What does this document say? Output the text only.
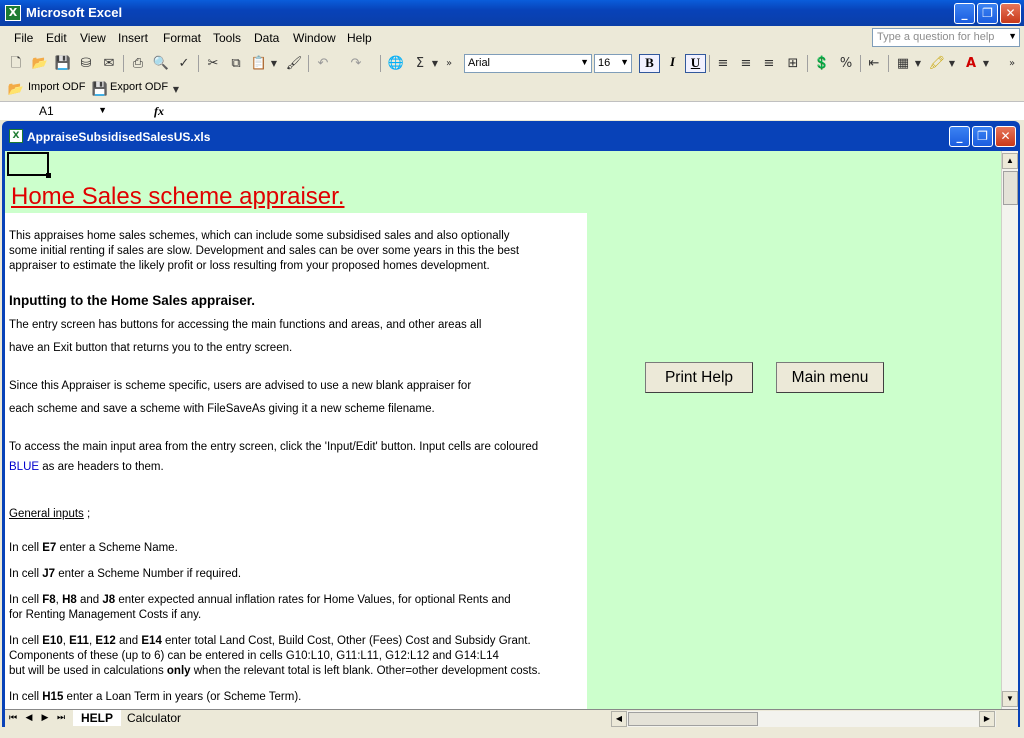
X Microsoft Excel	_	❐	✕
File Edit View Insert Format Tools Data Window Help	Type a question for help ▼
🗋 📂 💾 ⛁ ✉	⎙ 🔍 ✓	✂ ⧉ 📋 ▼ 🖌	↶	↷	🌐 Σ ▼ »	Arial	▼ 16 ▼	B	I	U	≡ ≡ ≡	⊞	💲 %	⇤	▦ ▼ 🖍 ▼ A ▼	»
📂 Import ODF 💾 Export ODF ▼
A1	▼	fx
X AppraiseSubsidisedSalesUS.xls	_	❐	✕
Home Sales scheme appraiser.
This appraises home sales schemes, which can include some subsidised sales and also optionally
some initial renting if sales are slow. Development and sales can be over some years in this the best
appraiser to estimate the likely profit or loss resulting from your proposed homes development.
Inputting to the Home Sales appraiser.
The entry screen has buttons for accessing the main functions and areas, and other areas all
have an Exit button that returns you to the entry screen.
Since this Appraiser is scheme specific, users are advised to use a new blank appraiser for
each scheme and save a scheme with FileSaveAs giving it a new scheme filename.
To access the main input area from the entry screen, click the 'Input/Edit' button. Input cells are coloured
BLUE as are headers to them.
General inputs ;
In cell E7 enter a Scheme Name.
In cell J7 enter a Scheme Number if required.
In cell F8, H8 and J8 enter expected annual inflation rates for Home Values, for optional Rents and
for Renting Management Costs if any.
In cell E10, E11, E12 and E14 enter total Land Cost, Build Cost, Other (Fees) Cost and Subsidy Grant.
Components of these (up to 6) can be entered in cells G10:L10, G11:L11, G12:L12 and G14:L14
but will be used in calculations only when the relevant total is left blank. Other=other development costs.
In cell H15 enter a Loan Term in years (or Scheme Term).
Print Help	Main menu
▲
▼
⏮ ◀ ▶ ⏭	HELP	Calculator	◀	▶
